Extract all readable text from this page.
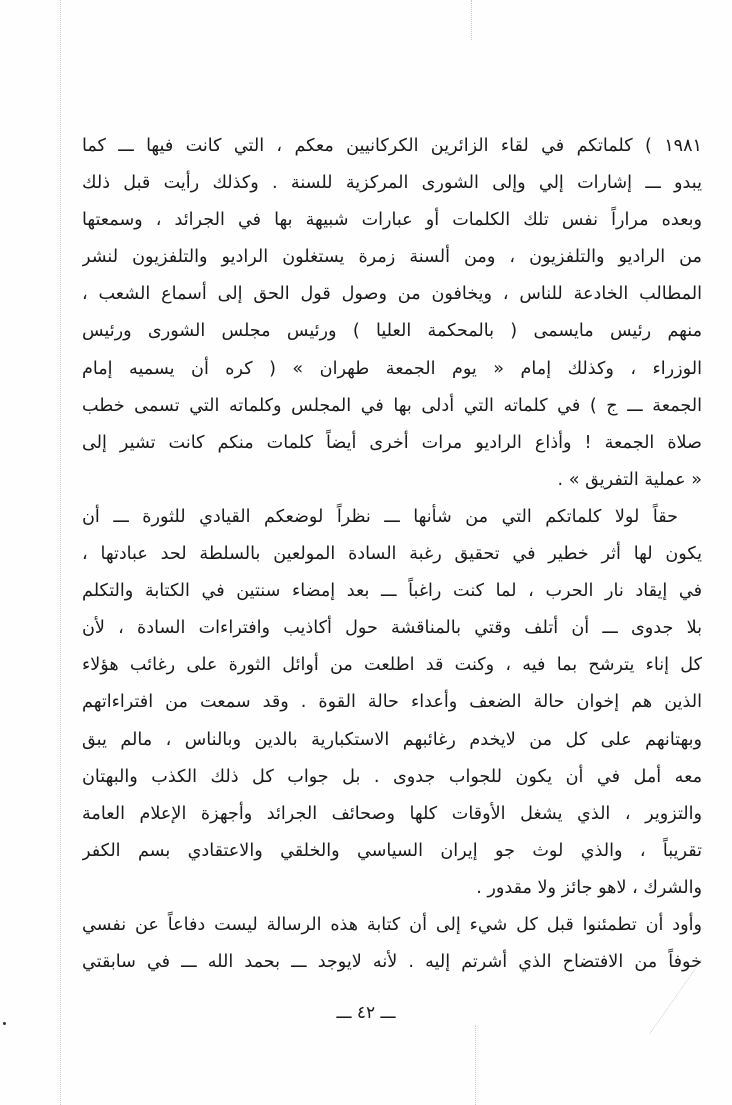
١٩٨١ ) كلماتكم في لقاء الزائرين الكركانيين معكم ، التي كانت فيها ـــ كما
يبدو ـــ إشارات إلي وإلى الشورى المركزية للسنة . وكذلك رأيت قبل ذلك
وبعده مراراً نفس تلك الكلمات أو عبارات شبيهة بها في الجرائد ، وسمعتها
من الراديو والتلفزيون ، ومن ألسنة زمرة يستغلون الراديو والتلفزيون لنشر
المطالب الخادعة للناس ، ويخافون من وصول قول الحق إلى أسماع الشعب ،
منهم رئيس مايسمى ( بالمحكمة العليا ) ورئيس مجلس الشورى ورئيس
الوزراء ، وكذلك إمام « يوم الجمعة طهران » ( كره أن يسميه إمام
الجمعة ـــ ج ) في كلماته التي أدلى بها في المجلس وكلماته التي تسمى خطب
صلاة الجمعة ! وأذاع الراديو مرات أخرى أيضاً كلمات منكم كانت تشير إلى
« عملية التفريق » .
حقاً لولا كلماتكم التي من شأنها ـــ نظراً لوضعكم القيادي للثورة ـــ أن
يكون لها أثر خطير في تحقيق رغبة السادة المولعين بالسلطة لحد عبادتها ،
في إيقاد نار الحرب ، لما كنت راغباً ـــ بعد إمضاء سنتين في الكتابة والتكلم
بلا جدوى ـــ أن أتلف وقتي بالمناقشة حول أكاذيب وافتراءات السادة ، لأن
كل إناء يترشح بما فيه ، وكنت قد اطلعت من أوائل الثورة على رغائب هؤلاء
الذين هم إخوان حالة الضعف وأعداء حالة القوة . وقد سمعت من افتراءاتهم
وبهتانهم على كل من لايخدم رغائبهم الاستكبارية بالدين وبالناس ، مالم يبق
معه أمل في أن يكون للجواب جدوى . بل جواب كل ذلك الكذب والبهتان
والتزوير ، الذي يشغل الأوقات كلها وصحائف الجرائد وأجهزة الإعلام العامة
تقريباً ، والذي لوث جو إيران السياسي والخلقي والاعتقادي بسم الكفر
والشرك ، لاهو جائز ولا مقدور .
وأود أن تطمئنوا قبل كل شيء إلى أن كتابة هذه الرسالة ليست دفاعاً عن نفسي
خوفاً من الافتضاح الذي أشرتم إليه . لأنه لايوجد ـــ بحمد الله ـــ في سابقتي
ـــ ٤٢ ـــ
